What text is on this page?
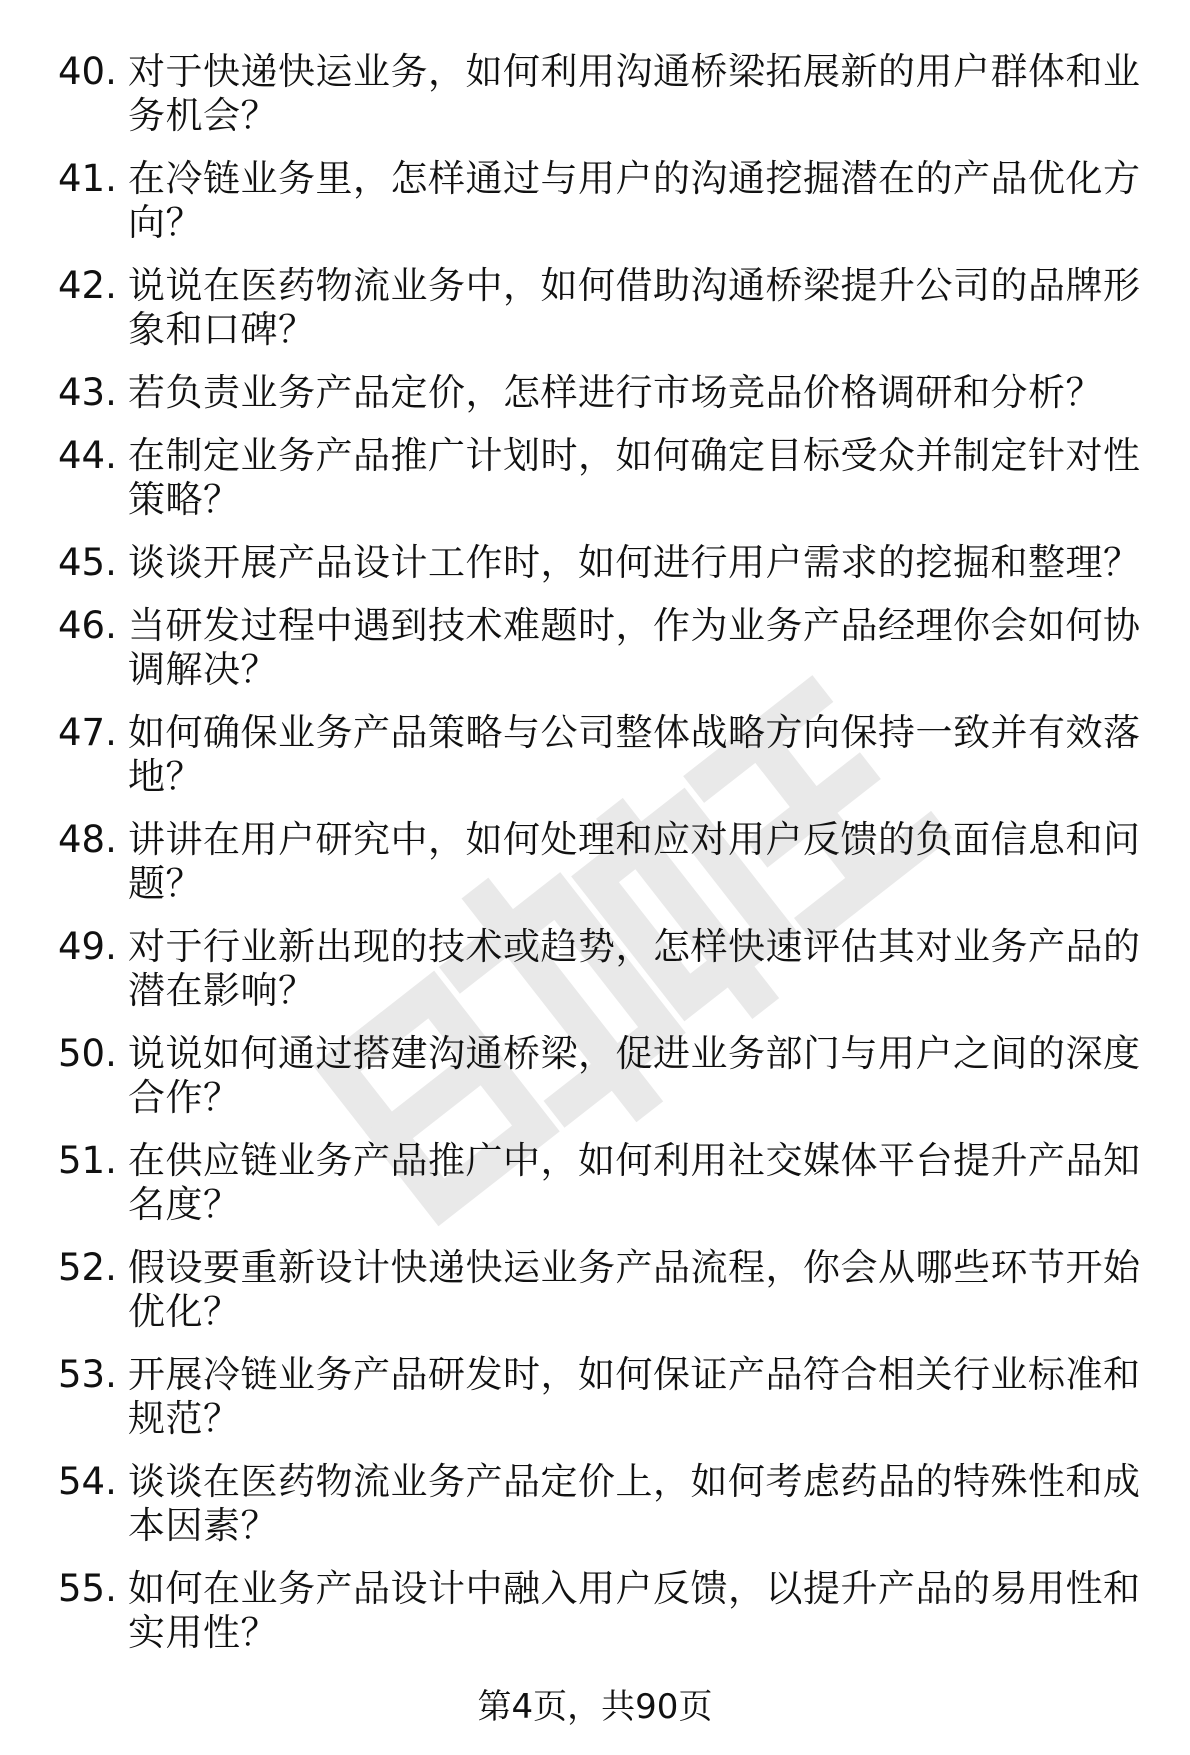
40. 对于快递快运业务，如何利用沟通桥梁拓展新的用户群体和业务机会？
41. 在冷链业务里，怎样通过与用户的沟通挖掘潜在的产品优化方向？
42. 说说在医药物流业务中，如何借助沟通桥梁提升公司的品牌形象和口碑？
43. 若负责业务产品定价，怎样进行市场竞品价格调研和分析？
44. 在制定业务产品推广计划时，如何确定目标受众并制定针对性策略？
45. 谈谈开展产品设计工作时，如何进行用户需求的挖掘和整理？
46. 当研发过程中遇到技术难题时，作为业务产品经理你会如何协调解决？
47. 如何确保业务产品策略与公司整体战略方向保持一致并有效落地？
48. 讲讲在用户研究中，如何处理和应对用户反馈的负面信息和问题？
49. 对于行业新出现的技术或趋势，怎样快速评估其对业务产品的潜在影响？
50. 说说如何通过搭建沟通桥梁，促进业务部门与用户之间的深度合作？
51. 在供应链业务产品推广中，如何利用社交媒体平台提升产品知名度？
52. 假设要重新设计快递快运业务产品流程，你会从哪些环节开始优化？
53. 开展冷链业务产品研发时，如何保证产品符合相关行业标准和规范？
54. 谈谈在医药物流业务产品定价上，如何考虑药品的特殊性和成本因素？
55. 如何在业务产品设计中融入用户反馈，以提升产品的易用性和实用性？
第4页，共90页
